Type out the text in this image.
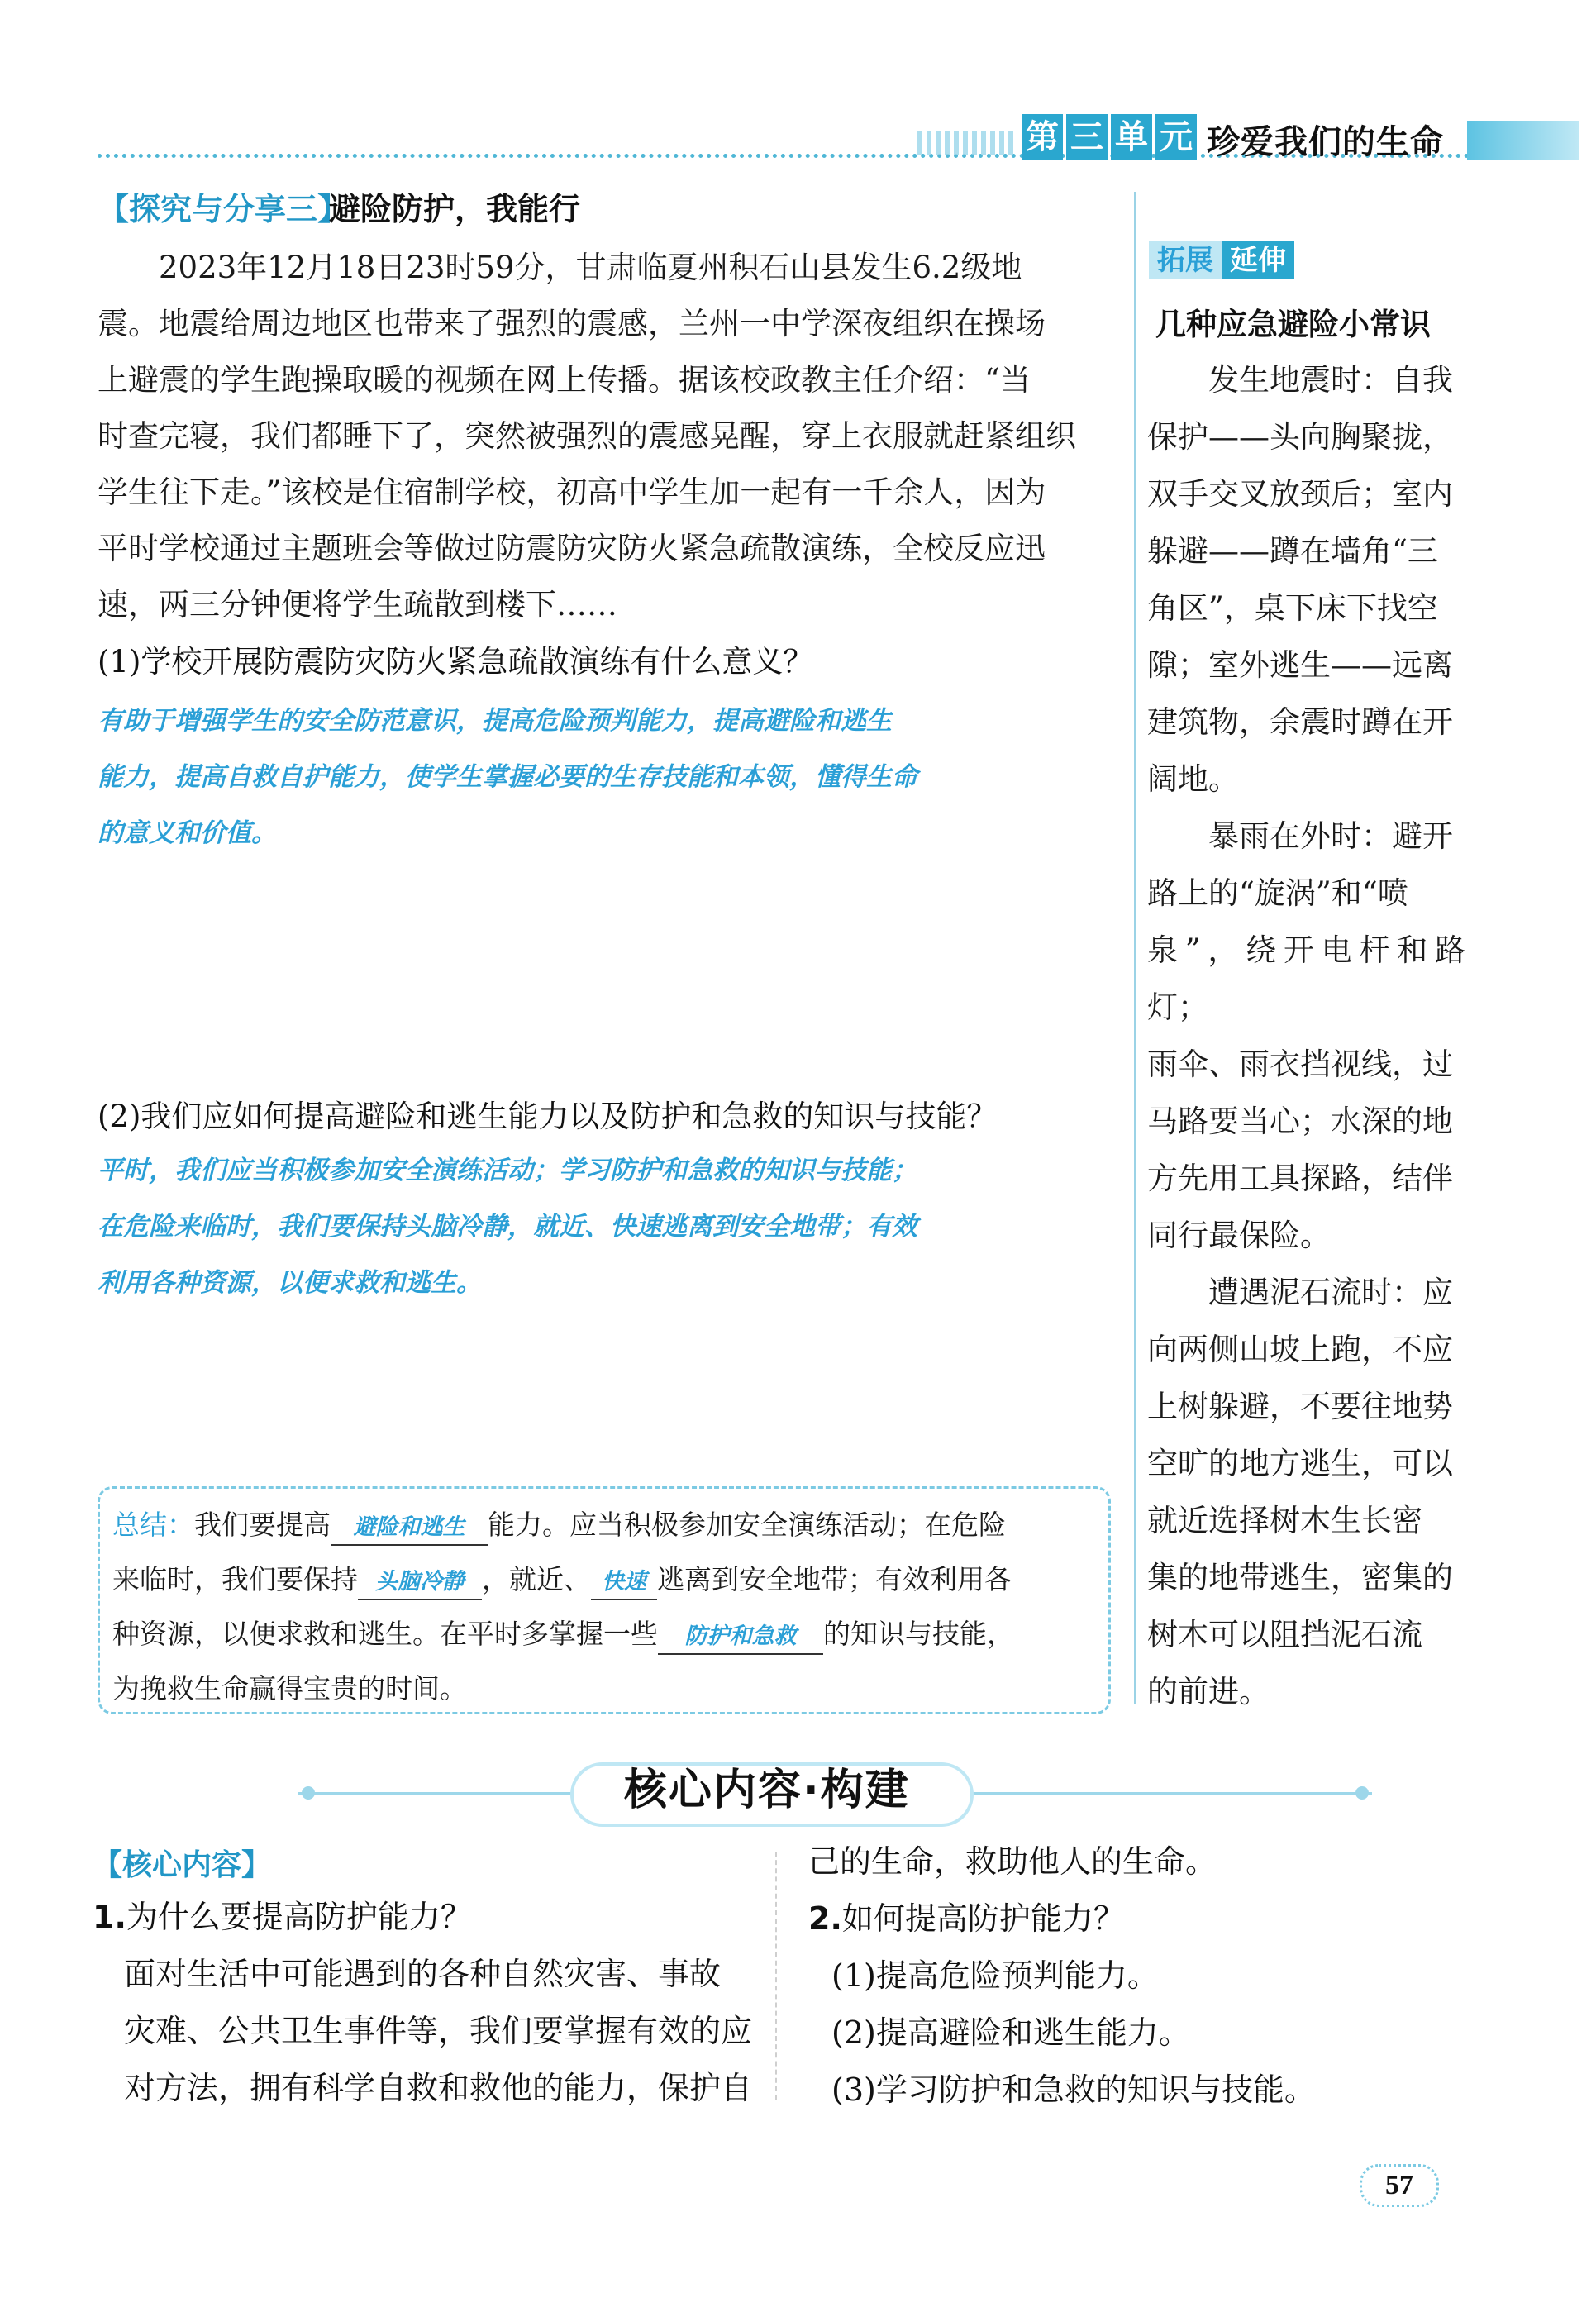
第 三 单 元 珍爱我们的生命
【探究与分享三】
避险防护，我能行
2023年12月18日23时59分，甘肃临夏州积石山县发生6.2级地
震。地震给周边地区也带来了强烈的震感，兰州一中学深夜组织在操场
上避震的学生跑操取暖的视频在网上传播。据该校政教主任介绍：“当
时查完寝，我们都睡下了，突然被强烈的震感晃醒，穿上衣服就赶紧组织
学生往下走。”该校是住宿制学校，初高中学生加一起有一千余人，因为
平时学校通过主题班会等做过防震防灾防火紧急疏散演练，全校反应迅
速，两三分钟便将学生疏散到楼下……
(1)学校开展防震防灾防火紧急疏散演练有什么意义？
有助于增强学生的安全防范意识，提高危险预判能力，提高避险和逃生
能力，提高自救自护能力，使学生掌握必要的生存技能和本领，懂得生命
的意义和价值。
(2)我们应如何提高避险和逃生能力以及防护和急救的知识与技能？
平时，我们应当积极参加安全演练活动；学习防护和急救的知识与技能；
在危险来临时，我们要保持头脑冷静，就近、快速逃离到安全地带；有效
利用各种资源，以便求救和逃生。
拓展 延伸
几种应急避险小常识
发生地震时：自我
保护——头向胸聚拢，
双手交叉放颈后；室内
躲避——蹲在墙角“三
角区”，桌下床下找空
隙；室外逃生——远离
建筑物，余震时蹲在开
阔地。
暴雨在外时：避开
路上的“旋涡”和“喷
泉”，绕开电杆和路灯；
雨伞、雨衣挡视线，过
马路要当心；水深的地
方先用工具探路，结伴
同行最保险。
遭遇泥石流时：应
向两侧山坡上跑，不应
上树躲避，不要往地势
空旷的地方逃生，可以
就近选择树木生长密
集的地带逃生，密集的
树木可以阻挡泥石流
的前进。
总结：我们要提高 避险和逃生 能力。应当积极参加安全演练活动；在危险
来临时，我们要保持 头脑冷静 ，就近、 快速 逃离到安全地带；有效利用各
种资源，以便求救和逃生。在平时多掌握一些 防护和急救 的知识与技能，
为挽救生命赢得宝贵的时间。
核心内容·构建
【核心内容】
1.为什么要提高防护能力？
面对生活中可能遇到的各种自然灾害、事故
灾难、公共卫生事件等，我们要掌握有效的应
对方法，拥有科学自救和救他的能力，保护自
己的生命，救助他人的生命。
2.如何提高防护能力？
(1)提高危险预判能力。
(2)提高避险和逃生能力。
(3)学习防护和急救的知识与技能。
57
